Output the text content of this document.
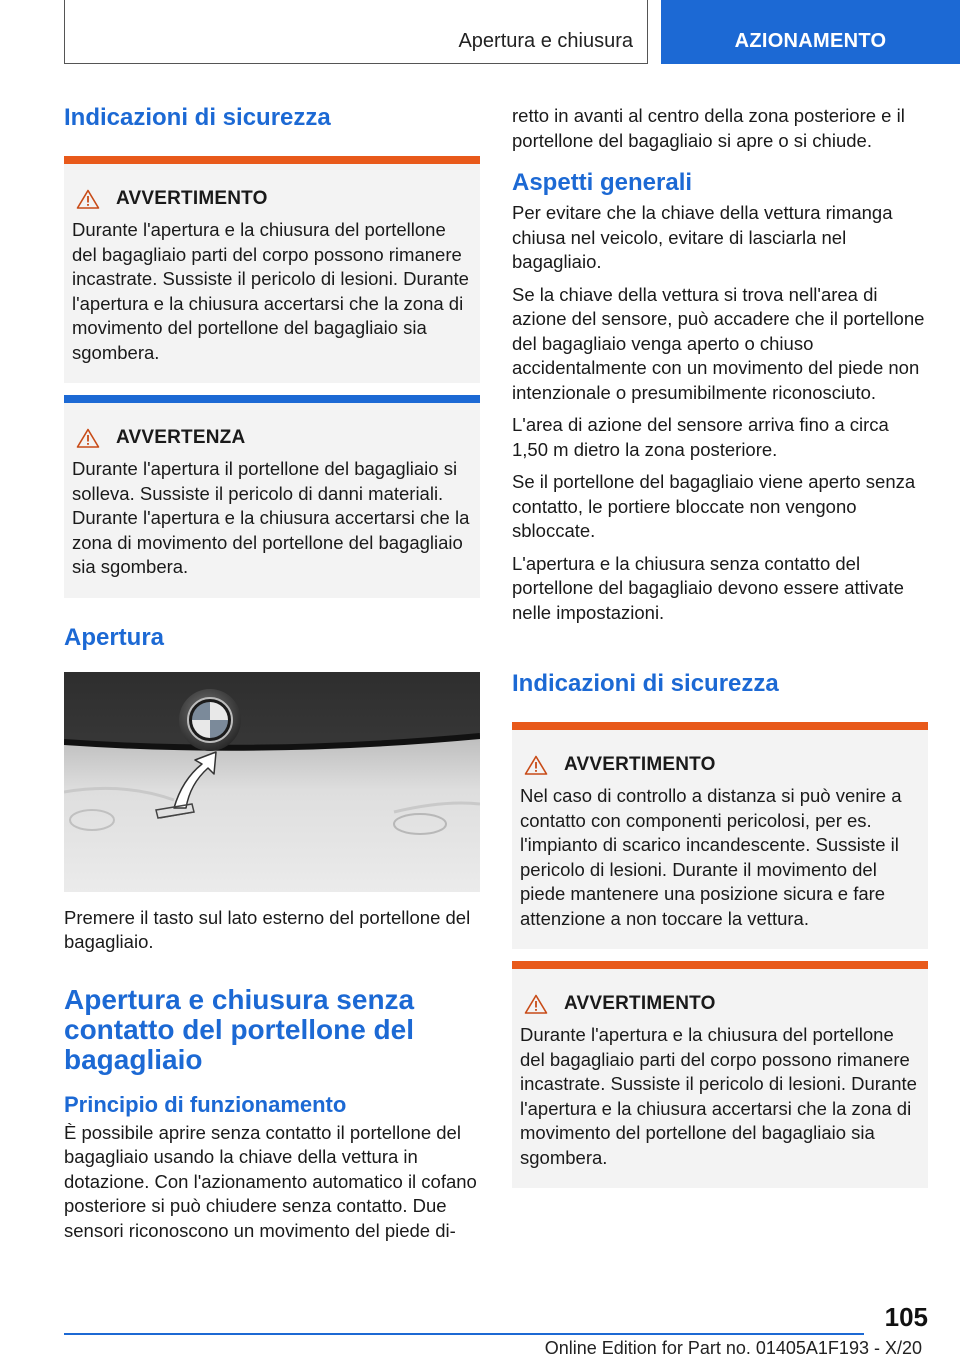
Apertura e chiusura	AZIONAMENTO
Indicazioni di sicurezza
AVVERTIMENTO

Durante l'apertura e la chiusura del portellone del bagagliaio parti del corpo possono rimanere incastrate. Sussiste il pericolo di lesioni. Durante l'apertura e la chiusura accertarsi che la zona di movimento del portellone del bagagliaio sia sgombera.

AVVERTENZA

Durante l'apertura il portellone del bagagliaio si solleva. Sussiste il pericolo di danni materiali. Durante l'apertura e la chiusura accertarsi che la zona di movimento del portellone del bagagliaio sia sgombera.

Apertura

Premere il tasto sul lato esterno del portellone del bagagliaio.

Apertura e chiusura senza contatto del portellone del bagagliaio
Principio di funzionamento

È possibile aprire senza contatto il portellone del bagagliaio usando la chiave della vettura in dotazione. Con l'azionamento automatico il cofano posteriore si può chiudere senza contatto. Due sensori riconoscono un movimento del piede di-

retto in avanti al centro della zona posteriore e il portellone del bagagliaio si apre o si chiude.

Aspetti generali

Per evitare che la chiave della vettura rimanga chiusa nel veicolo, evitare di lasciarla nel bagagliaio.

Se la chiave della vettura si trova nell'area di azione del sensore, può accadere che il portellone del bagagliaio venga aperto o chiuso accidentalmente con un movimento del piede non intenzionale o presumibilmente riconosciuto.

L'area di azione del sensore arriva fino a circa 1,50 m dietro la zona posteriore.

Se il portellone del bagagliaio viene aperto senza contatto, le portiere bloccate non vengono sbloccate.

L'apertura e la chiusura senza contatto del portellone del bagagliaio devono essere attivate nelle impostazioni.

Indicazioni di sicurezza
AVVERTIMENTO

Nel caso di controllo a distanza si può venire a contatto con componenti pericolosi, per es. l'impianto di scarico incandescente. Sussiste il pericolo di lesioni. Durante il movimento del piede mantenere una posizione sicura e fare attenzione a non toccare la vettura.

AVVERTIMENTO

Durante l'apertura e la chiusura del portellone del bagagliaio parti del corpo possono rimanere incastrate. Sussiste il pericolo di lesioni. Durante l'apertura e la chiusura accertarsi che la zona di movimento del portellone del bagagliaio sia sgombera.

105
Online Edition for Part no. 01405A1F193 - X/20
